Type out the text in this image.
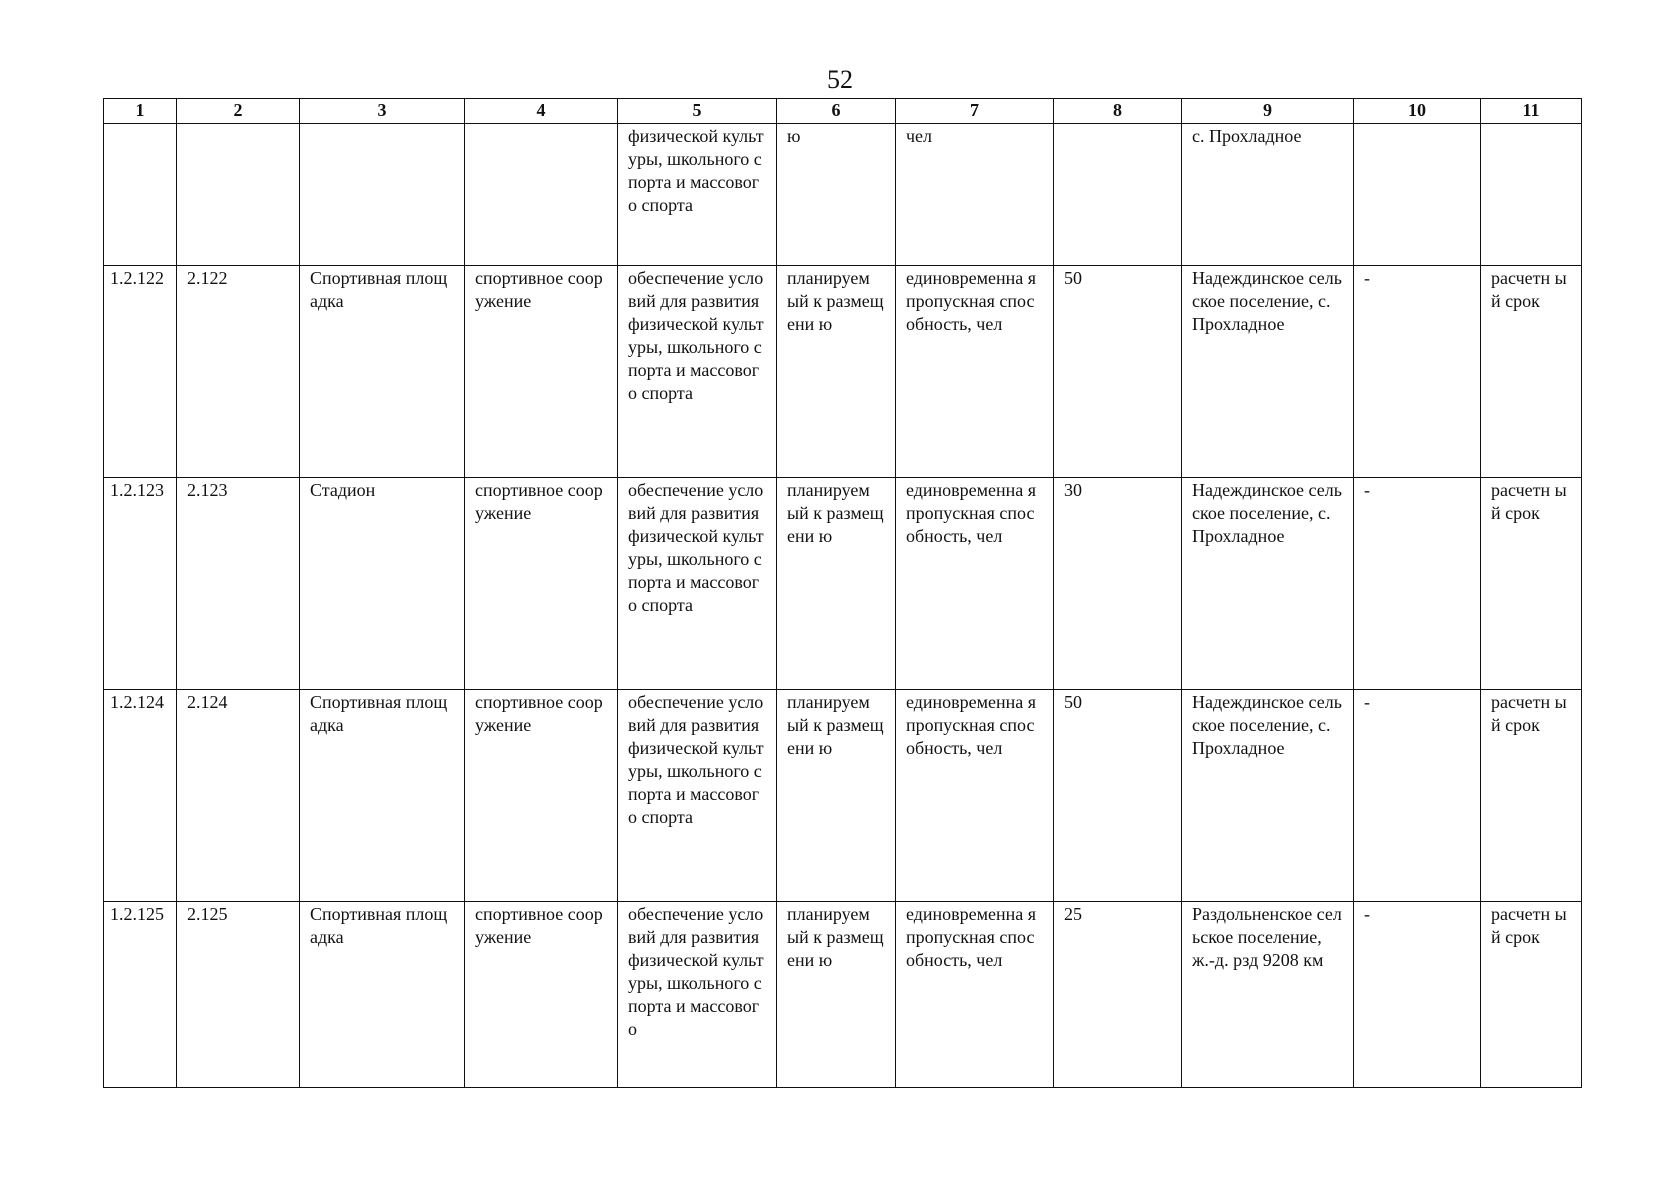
52
1	2	3	4	5	6	7	8	9	10	11
				физической культуры, школьного спорта и массового спорта	ю	чел		с. Прохладное		
1.2.122	2.122	Спортивная площадка	спортивное сооружение	обеспечение условий для развития физической культуры, школьного спорта и массового спорта	планируем ый к размещени ю	единовременна я пропускная способность, чел	50	Надеждинское сельское поселение, с. Прохладное	-	расчетн ый срок
1.2.123	2.123	Стадион	спортивное сооружение	обеспечение условий для развития физической культуры, школьного спорта и массового спорта	планируем ый к размещени ю	единовременна я пропускная способность, чел	30	Надеждинское сельское поселение, с. Прохладное	-	расчетн ый срок
1.2.124	2.124	Спортивная площадка	спортивное сооружение	обеспечение условий для развития физической культуры, школьного спорта и массового спорта	планируем ый к размещени ю	единовременна я пропускная способность, чел	50	Надеждинское сельское поселение, с. Прохладное	-	расчетн ый срок
1.2.125	2.125	Спортивная площадка	спортивное сооружение	обеспечение условий для развития физической культуры, школьного спорта и массового	планируем ый к размещени ю	единовременна я пропускная способность, чел	25	Раздольненское сельское поселение, ж.-д. рзд 9208 км	-	расчетн ый срок
